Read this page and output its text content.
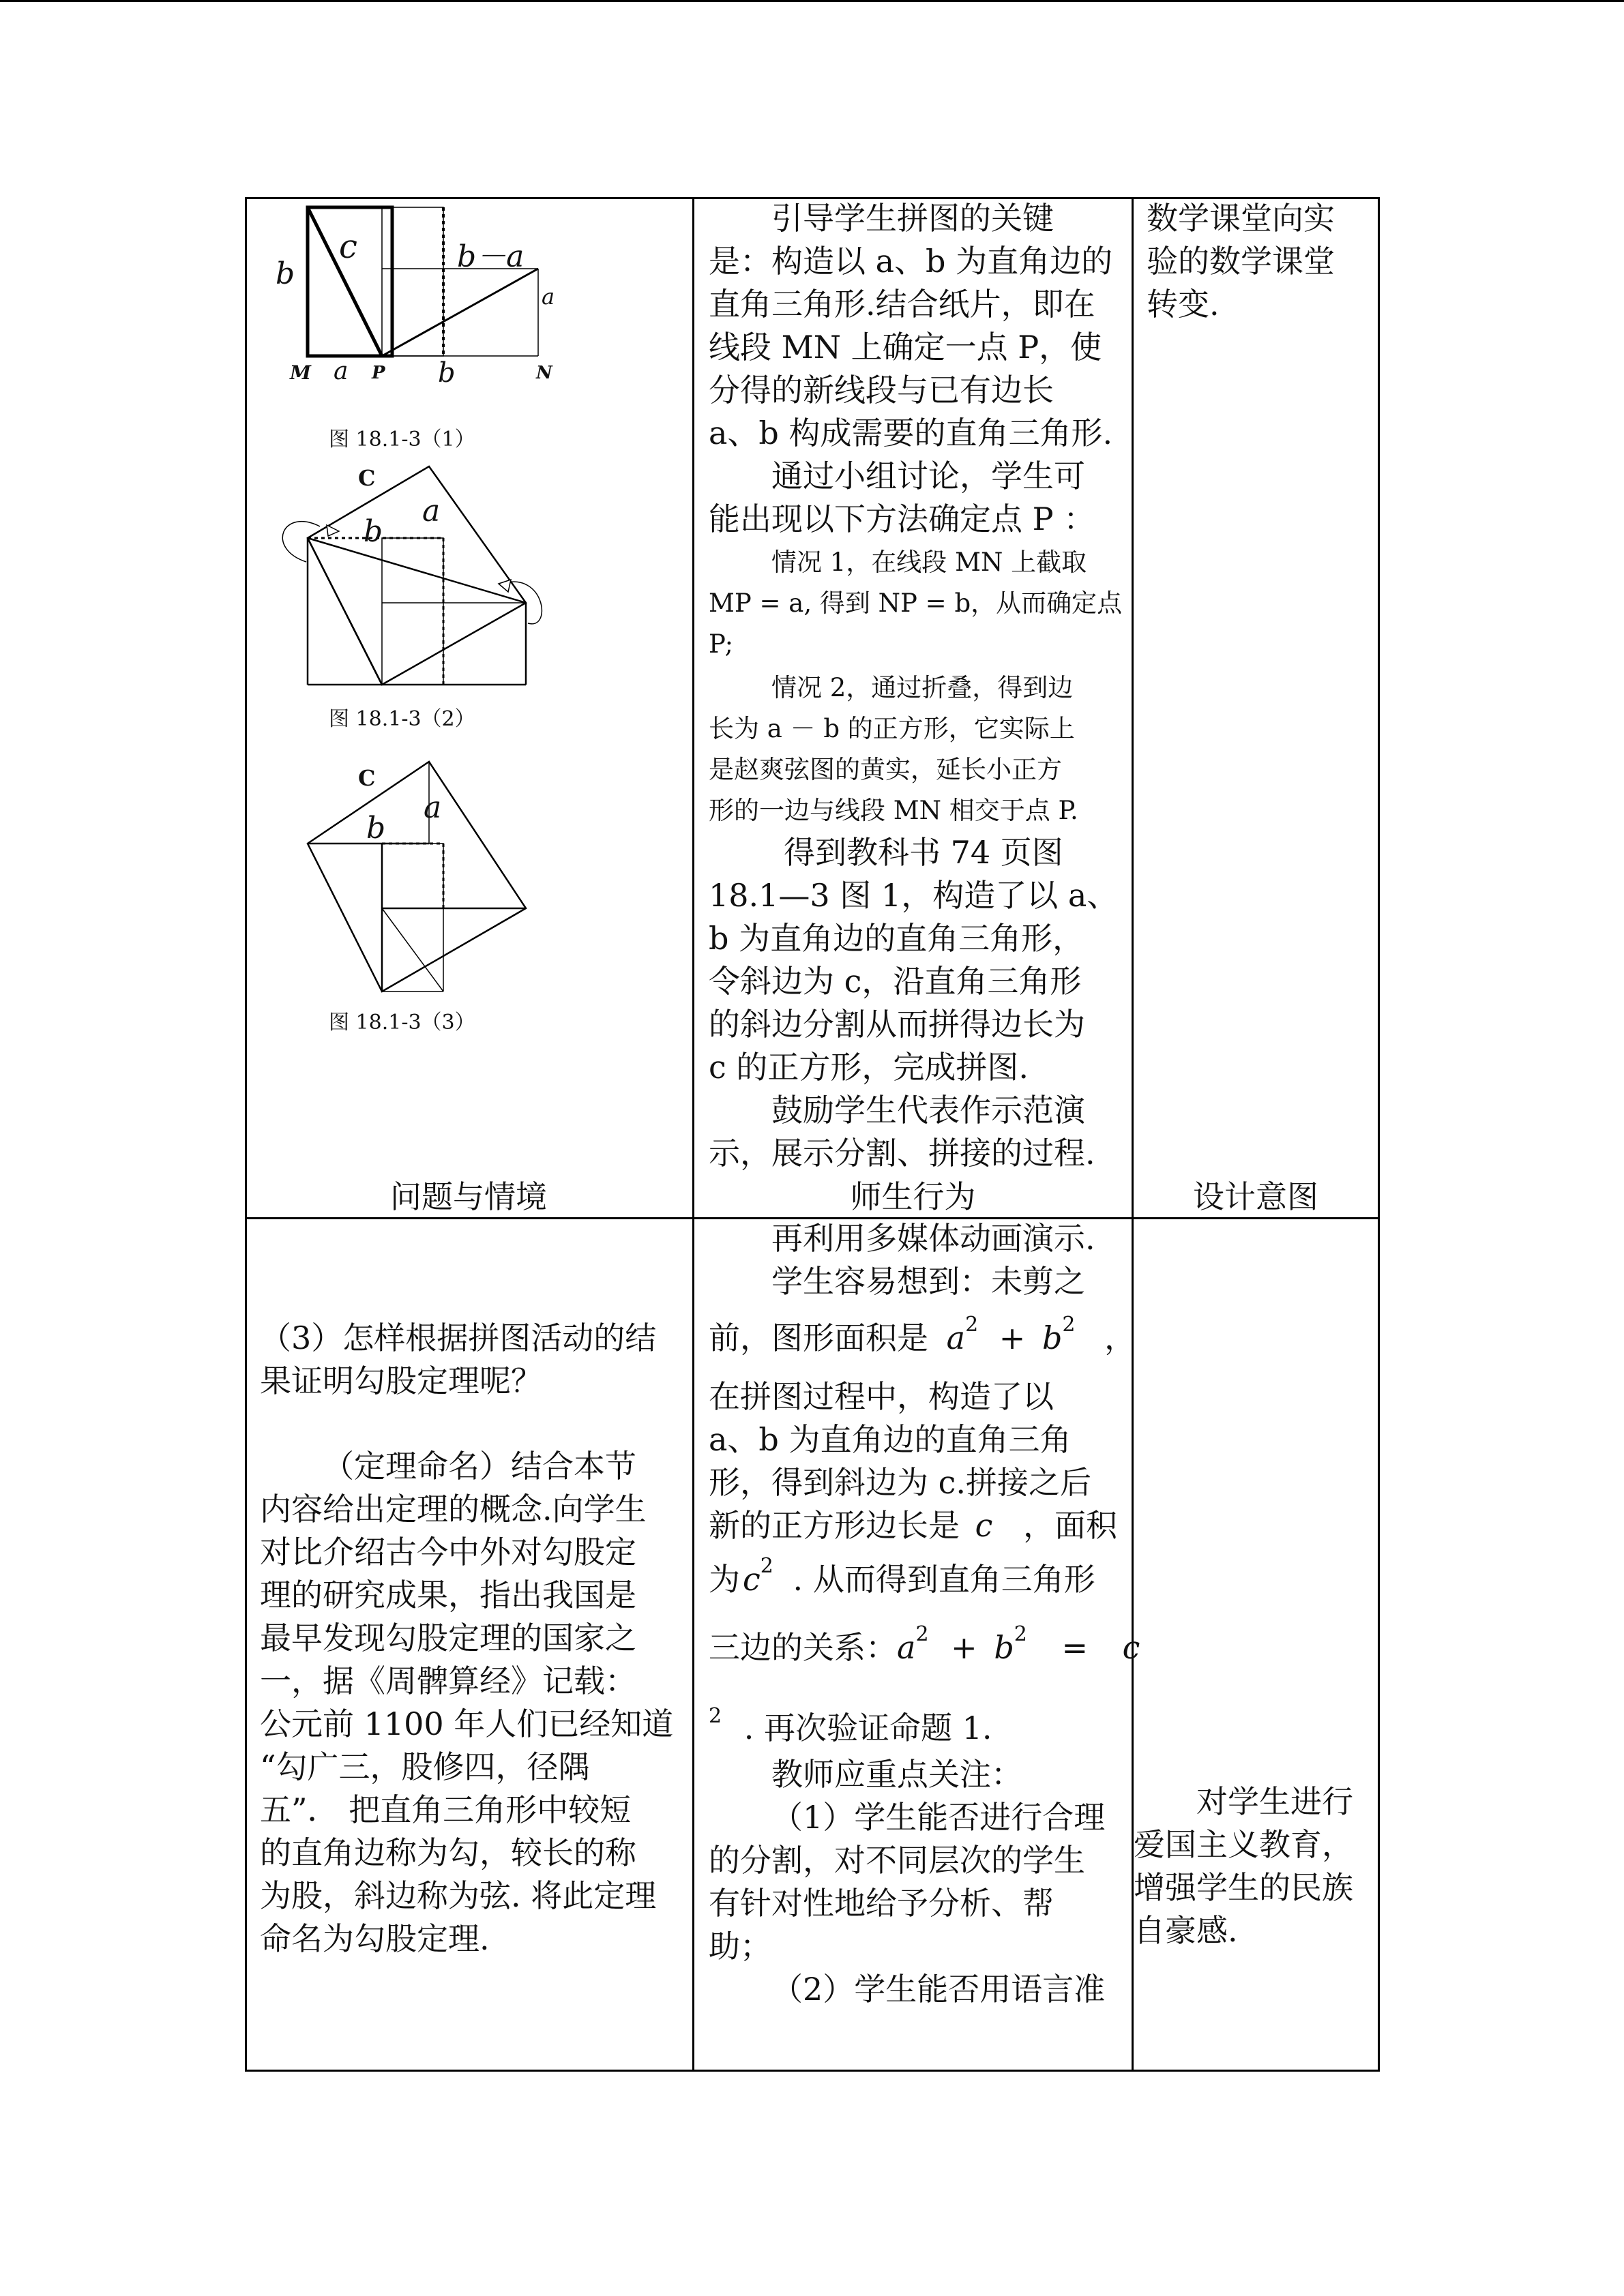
b
c	b－a
a
M a P b	N
图 18.1-3（1）
C
a
b
图 18.1-3（2）
C
a
b
图 18.1-3（3）
问题与情境
引导学生拼图的关键
是：构造以 a、b 为直角边的
直角三角形.结合纸片，即在
线段 MN 上确定一点 P，使
分得的新线段与已有边长
a、b 构成需要的直角三角形.
通过小组讨论，学生可
能出现以下方法确定点 P ：
情况 1，在线段 MN 上截取
MP = a, 得到 NP = b，从而确定点
P;
情况 2，通过折叠，得到边
长为 a － b 的正方形，它实际上
是赵爽弦图的黄实，延长小正方
形的一边与线段 MN 相交于点 P.
得到教科书 74 页图
18.1—3 图 1，构造了以 a、
b 为直角边的直角三角形，
令斜边为 c，沿直角三角形
的斜边分割从而拼得边长为
c 的正方形，完成拼图.
鼓励学生代表作示范演
示，展示分割、拼接的过程.
师生行为
数学课堂向实
验的数学课堂
转变.
设计意图
（3）怎样根据拼图活动的结
果证明勾股定理呢？
（定理命名）结合本节
内容给出定理的概念.向学生
对比介绍古今中外对勾股定
理的研究成果，指出我国是
最早发现勾股定理的国家之
一，据《周髀算经》记载：
公元前 1100 年人们已经知道
“勾广三，股修四，径隅
五”． 把直角三角形中较短
的直角边称为勾，较长的称
为股，斜边称为弦. 将此定理
命名为勾股定理.
再利用多媒体动画演示.
学生容易想到：未剪之
前，图形面积是 $a^2 + b^2$ ，
在拼图过程中，构造了以
a、b 为直角边的直角三角
形，得到斜边为 c.拼接之后
新的正方形边长是 c ，面积
为$c^2$ . 从而得到直角三角形
三边的关系：$a^2 + b^2 = c$
$^2$ . 再次验证命题 1.
教师应重点关注：
（1）学生能否进行合理
的分割，对不同层次的学生
有针对性地给予分析、帮
助；
（2）学生能否用语言准
对学生进行
爱国主义教育，
增强学生的民族
自豪感.
